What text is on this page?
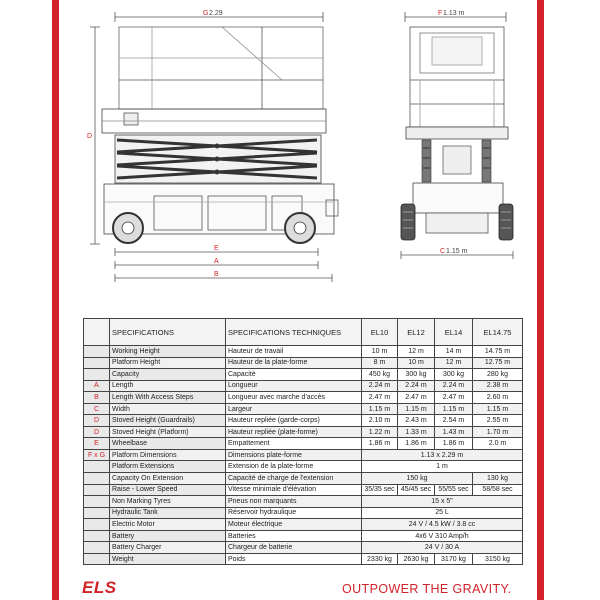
G 2.29	F 1.13 m
D
E
A
B
C 1.15 m
	SPECIFICATIONS	SPECIFICATIONS TECHNIQUES	EL10	EL12	EL14	EL14.75
	Working Height	Hauteur de travail	10 m	12 m	14 m	14.75 m
	Platform Height	Hauteur de la plate-forme	8 m	10 m	12 m	12.75 m
	Capacity	Capacité	450 kg	300 kg	300 kg	280 kg
A	Length	Longueur	2.24 m	2.24 m	2.24 m	2.38 m
B	Length With Access Steps	Longueur avec marche d'accès	2.47 m	2.47 m	2.47 m	2.60 m
C	Width	Largeur	1.15 m	1.15 m	1.15 m	1.15 m
D	Stoved Height (Guardrails)	Hauteur repliée (garde-corps)	2.10 m	2.43 m	2.54 m	2.55 m
D	Stoved Height (Platform)	Hauteur repliée (plate-forme)	1.22 m	1.33 m	1.43 m	1.70 m
E	Wheelbase	Empattement	1.86 m	1.86 m	1.86 m	2.0 m
F x G	Platform Dimensions	Dimensions plate-forme	1.13 x 2.29 m			
	Platform Extensions	Extension de la plate-forme	1 m			
	Capacity On Extension	Capacité de charge de l'extension	150 kg			130 kg
	Raise - Lower Speed	Vitesse minimale d'élévation	35/35 sec	45/45 sec	55/55 sec	58/58 sec
	Non Marking Tyres	Pneus non marquants	15 x 5"			
	Hydraulic Tank	Réservoir hydraulique	25 L			
	Electric Motor	Moteur électrique	24 V / 4.5 kW / 3.8 cc			
	Battery	Batteries	4x6 V 310 Amp/h			
	Battery Charger	Chargeur de batterie	24 V / 30 A			
	Weight	Poids	2330 kg	2630 kg	3170 kg	3150 kg
ELS	OUTPOWER THE GRAVITY.
